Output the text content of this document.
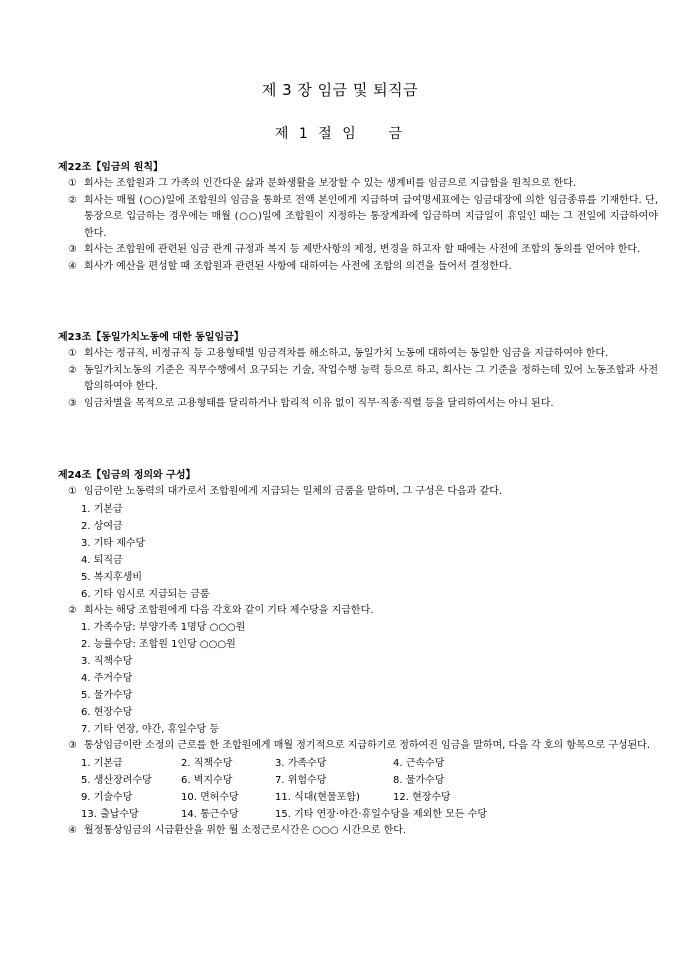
제 3 장 임금 및 퇴직금
제 1 절 임    금
제22조【임금의 원칙】
① 회사는 조합원과 그 가족의 인간다운 삶과 문화생활을 보장할 수 있는 생계비를 임금으로 지급함을 원칙으로 한다.
② 회사는 매월 (○○)일에 조합원의 임금을 통화로 전액 본인에게 지급하며 급여명세표에는 임금대장에 의한 임금종류를 기재한다. 단, 통장으로 입금하는 경우에는 매월 (○○)일에 조합원이 지정하는 통장계좌에 입금하며 지급일이 휴일인 때는 그 전일에 지급하여야 한다.
③ 회사는 조합원에 관련된 임금 관계 규정과 복지 등 제반사항의 제정, 변경을 하고자 할 때에는 사전에 조합의 동의를 얻어야 한다.
④ 회사가 예산을 편성할 때 조합원과 관련된 사항에 대하여는 사전에 조합의 의견을 들어서 결정한다.
제23조【동일가치노동에 대한 동일임금】
① 회사는 정규직, 비정규직 등 고용형태별 임금격차를 해소하고, 동일가치 노동에 대하여는 동일한 임금을 지급하여야 한다.
② 동일가치노동의 기준은 직무수행에서 요구되는 기술, 작업수행 능력 등으로 하고, 회사는 그 기준을 정하는데 있어 노동조합과 사전 합의하여야 한다.
③ 임금차별을 목적으로 고용형태를 달리하거나 합리적 이유 없이 직무·직종·직렬 등을 달리하여서는 아니 된다.
제24조【임금의 정의와 구성】
① 임금이란 노동력의 대가로서 조합원에게 지급되는 일체의 금품을 말하며, 그 구성은 다음과 같다.
1. 기본급
2. 상여금
3. 기타 제수당
4. 퇴직금
5. 복지후생비
6. 기타 임시로 지급되는 금품
② 회사는 해당 조합원에게 다음 각호와 같이 기타 제수당을 지급한다.
1. 가족수당: 부양가족 1명당 ○○○원
2. 능률수당: 조합원 1인당 ○○○원
3. 직책수당
4. 주거수당
5. 물가수당
6. 현장수당
7. 기타 연장, 야간, 휴일수당 등
③ 통상임금이란 소정의 근로를 한 조합원에게 매월 정기적으로 지급하기로 정하여진 임금을 말하며, 다음 각 호의 항목으로 구성된다.
1. 기본급	2. 직책수당	3. 가족수당	4. 근속수당
5. 생산장려수당	6. 벽지수당	7. 위험수당	8. 물가수당
9. 기술수당	10. 면허수당	11. 식대(현물포함)	12. 현장수당
13. 출납수당	14. 통근수당	15. 기타 연장·야간·휴일수당을 제외한 모든 수당
④ 월정통상임금의 시급환산을 위한 월 소정근로시간은 ○○○ 시간으로 한다.
